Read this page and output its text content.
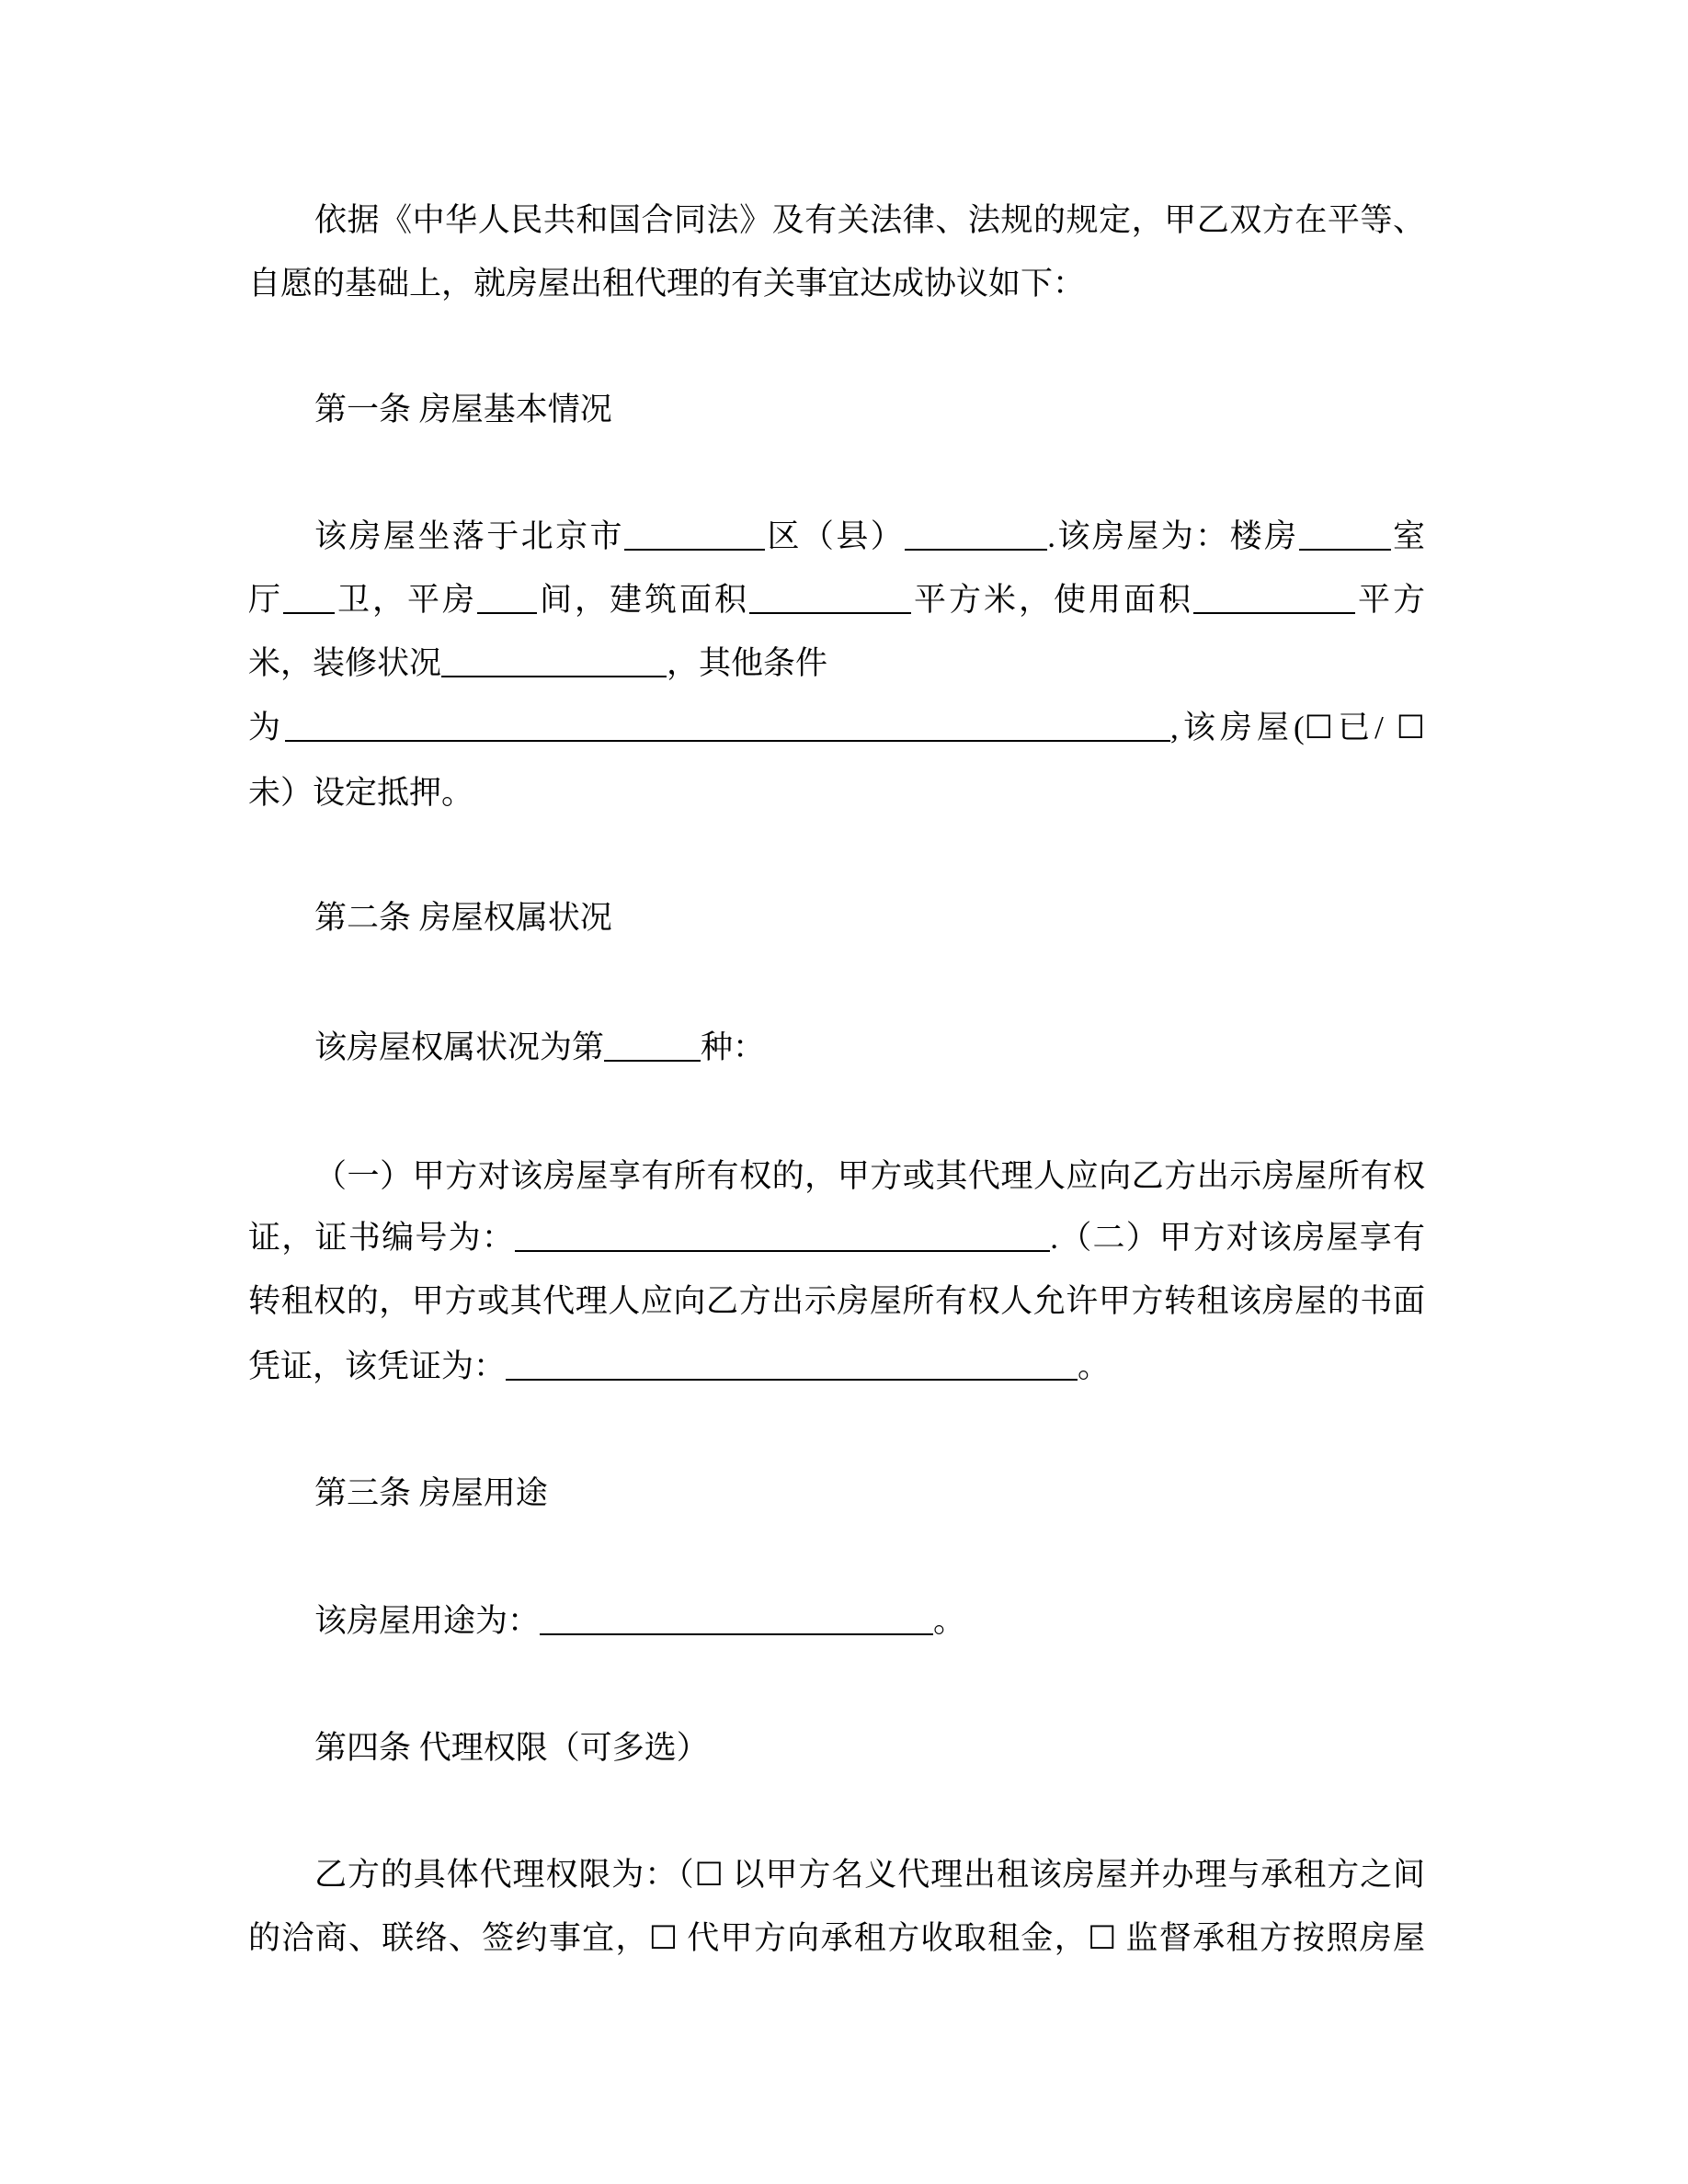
依据《中华人民共和国合同法》及有关法律、法规的规定，甲乙双方在平等、
自愿的基础上，就房屋出租代理的有关事宜达成协议如下：
第一条 房屋基本情况
该房屋坐落于北京市	区（县）	.该房屋为：楼房	室
厅 卫，平房 间，建筑面积	平方米，使用面积	平方
米，装修状况	，其他条件
为	,该房屋(☐已/ ☐
未）设定抵押。
第二条 房屋权属状况
该房屋权属状况为第	种：
（一）甲方对该房屋享有所有权的，甲方或其代理人应向乙方出示房屋所有权
证，证书编号为：	.（二）甲方对该房屋享有
转租权的，甲方或其代理人应向乙方出示房屋所有权人允许甲方转租该房屋的书面
凭证，该凭证为：	。
第三条 房屋用途
该房屋用途为：	。
第四条 代理权限（可多选）
乙方的具体代理权限为：（☐ 以甲方名义代理出租该房屋并办理与承租方之间
的洽商、联络、签约事宜，☐ 代甲方向承租方收取租金，☐ 监督承租方按照房屋
